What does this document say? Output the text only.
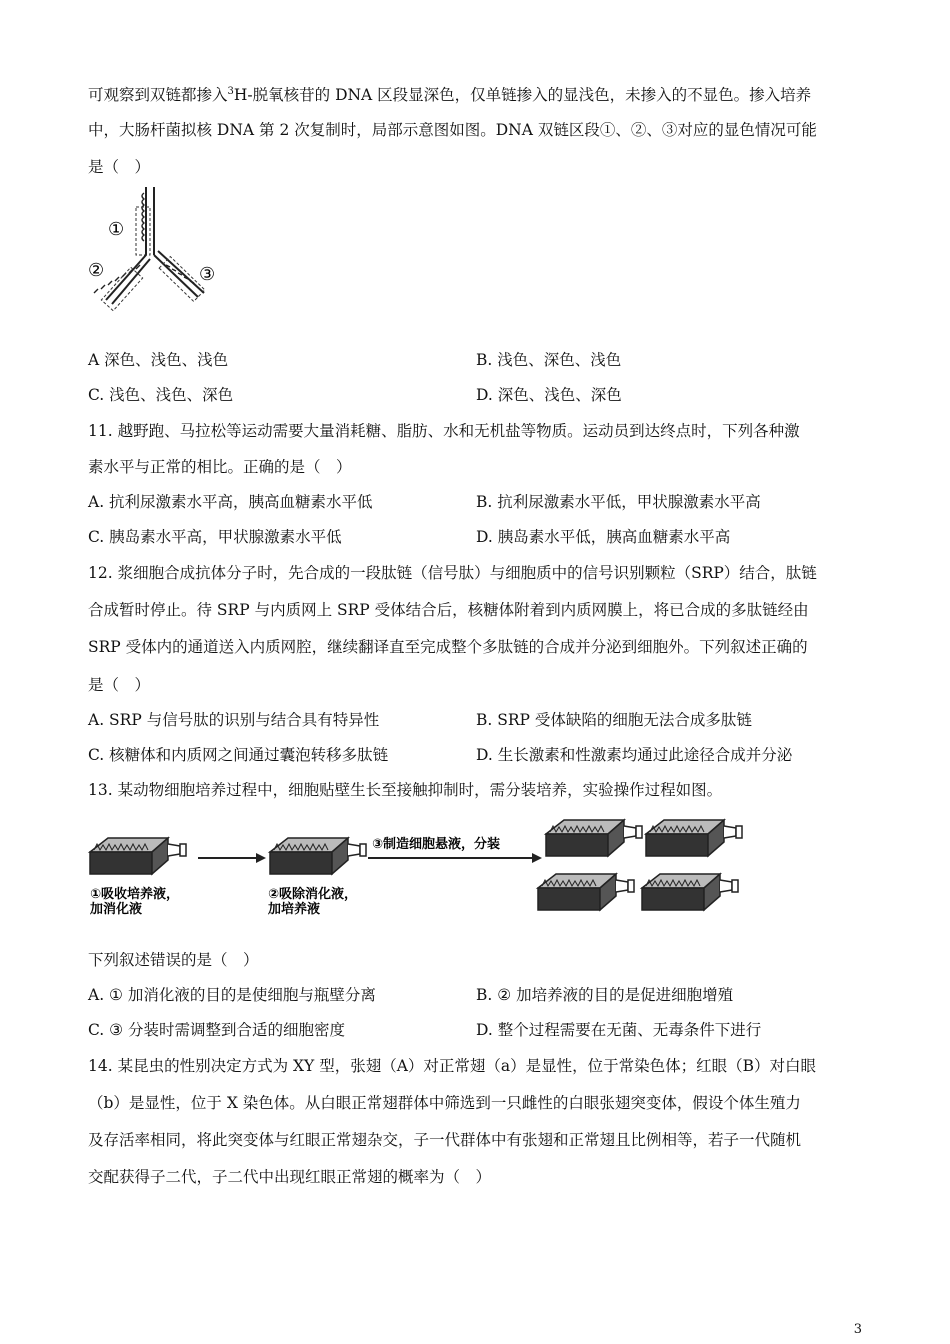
可观察到双链都掺入$^3$H-脱氧核苷的 DNA 区段显深色，仅单链掺入的显浅色，未掺入的不显色。掺入培养
中，大肠杆菌拟核 DNA 第 2 次复制时，局部示意图如图。DNA 双链区段①、②、③对应的显色情况可能
是（　）
①
②	③
A 深色、浅色、浅色	B. 浅色、深色、浅色
C. 浅色、浅色、深色	D. 深色、浅色、深色
11. 越野跑、马拉松等运动需要大量消耗糖、脂肪、水和无机盐等物质。运动员到达终点时，下列各种激
素水平与正常的相比。正确的是（　）
A. 抗利尿激素水平高，胰高血糖素水平低	B. 抗利尿激素水平低，甲状腺激素水平高
C. 胰岛素水平高，甲状腺激素水平低	D. 胰岛素水平低，胰高血糖素水平高
12. 浆细胞合成抗体分子时，先合成的一段肽链（信号肽）与细胞质中的信号识别颗粒（SRP）结合，肽链
合成暂时停止。待 SRP 与内质网上 SRP 受体结合后，核糖体附着到内质网膜上，将已合成的多肽链经由
SRP 受体内的通道送入内质网腔，继续翻译直至完成整个多肽链的合成并分泌到细胞外。下列叙述正确的
是（　）
A. SRP 与信号肽的识别与结合具有特异性	B. SRP 受体缺陷的细胞无法合成多肽链
C. 核糖体和内质网之间通过囊泡转移多肽链	D. 生长激素和性激素均通过此途径合成并分泌
13. 某动物细胞培养过程中，细胞贴壁生长至接触抑制时，需分装培养，实验操作过程如图。
①吸收培养液，
加消化液
②吸除消化液，
加培养液
③制造细胞悬液，分装
下列叙述错误的是（　）
A. ① 加消化液的目的是使细胞与瓶壁分离	B. ② 加培养液的目的是促进细胞增殖
C. ③ 分装时需调整到合适的细胞密度	D. 整个过程需要在无菌、无毒条件下进行
14. 某昆虫的性别决定方式为 XY 型，张翅（A）对正常翅（a）是显性，位于常染色体；红眼（B）对白眼
（b）是显性，位于 X 染色体。从白眼正常翅群体中筛选到一只雌性的白眼张翅突变体，假设个体生殖力
及存活率相同，将此突变体与红眼正常翅杂交，子一代群体中有张翅和正常翅且比例相等，若子一代随机
交配获得子二代，子二代中出现红眼正常翅的概率为（　）
3
